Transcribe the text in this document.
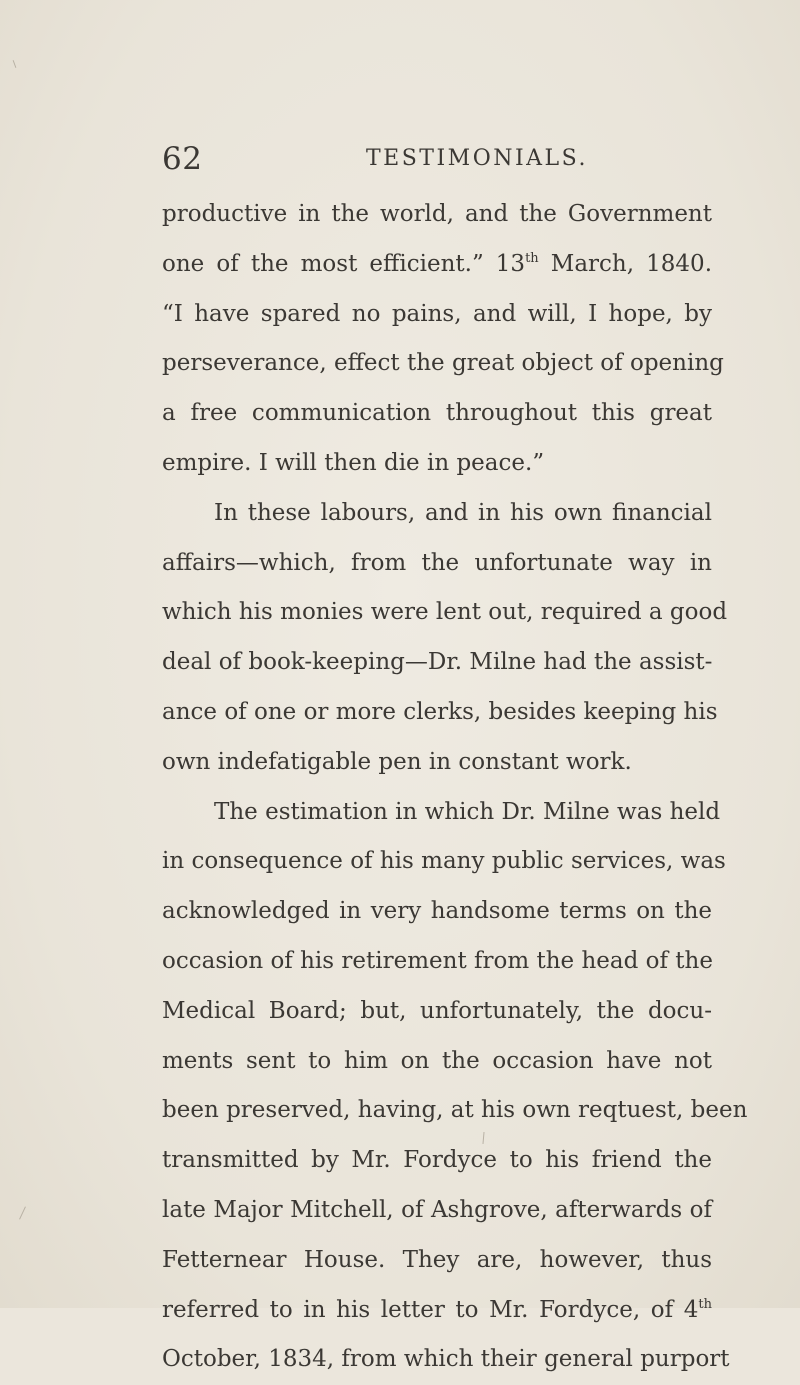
62	TESTIMONIALS.
productive in the world, and the Government
one of the most efficient.” 13th March, 1840.
“I have spared no pains, and will, I hope, by
perseverance, effect the great object of opening
a free communication throughout this great
empire. I will then die in peace.”
In these labours, and in his own financial
affairs—which, from the unfortunate way in
which his monies were lent out, required a good
deal of book-keeping—Dr. Milne had the assist-
ance of one or more clerks, besides keeping his
own indefatigable pen in constant work.
The estimation in which Dr. Milne was held
in consequence of his many public services, was
acknowledged in very handsome terms on the
occasion of his retirement from the head of the
Medical Board; but, unfortunately, the docu-
ments sent to him on the occasion have not
been preserved, having, at his own reqtuest, been
transmitted by Mr. Fordyce to his friend the
late Major Mitchell, of Ashgrove, afterwards of
Fetternear House. They are, however, thus
referred to in his letter to Mr. Fordyce, of 4th
October, 1834, from which their general purport
